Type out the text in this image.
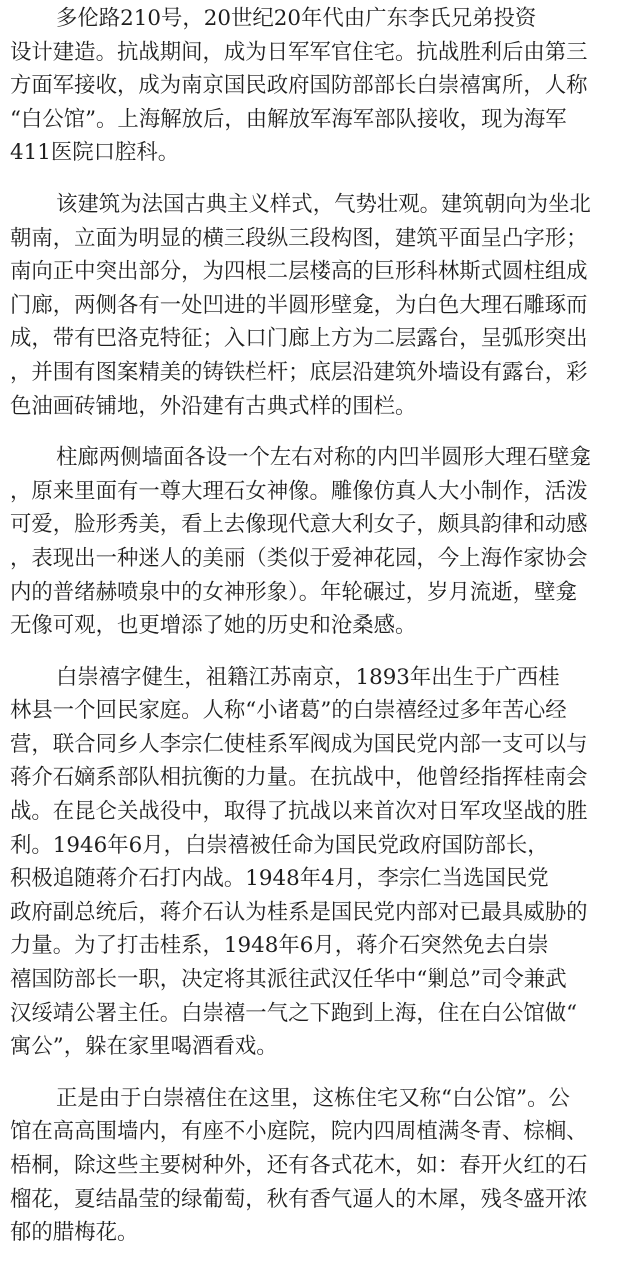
多伦路210号，20世纪20年代由广东李氏兄弟投资
设计建造。抗战期间，成为日军军官住宅。抗战胜利后由第三
方面军接收，成为南京国民政府国防部部长白崇禧寓所，人称
“白公馆”。上海解放后，由解放军海军部队接收，现为海军
411医院口腔科。
该建筑为法国古典主义样式，气势壮观。建筑朝向为坐北
朝南，立面为明显的横三段纵三段构图，建筑平面呈凸字形；
南向正中突出部分，为四根二层楼高的巨形科林斯式圆柱组成
门廊，两侧各有一处凹进的半圆形壁龛，为白色大理石雕琢而
成，带有巴洛克特征；入口门廊上方为二层露台，呈弧形突出
，并围有图案精美的铸铁栏杆；底层沿建筑外墙设有露台，彩
色油画砖铺地，外沿建有古典式样的围栏。
柱廊两侧墙面各设一个左右对称的内凹半圆形大理石壁龛
，原来里面有一尊大理石女神像。雕像仿真人大小制作，活泼
可爱，脸形秀美，看上去像现代意大利女子，颇具韵律和动感
，表现出一种迷人的美丽（类似于爱神花园，今上海作家协会
内的普绪赫喷泉中的女神形象）。年轮碾过，岁月流逝，壁龛
无像可观，也更增添了她的历史和沧桑感。
白崇禧字健生，祖籍江苏南京，1893年出生于广西桂
林县一个回民家庭。人称“小诸葛”的白崇禧经过多年苦心经
营，联合同乡人李宗仁使桂系军阀成为国民党内部一支可以与
蒋介石嫡系部队相抗衡的力量。在抗战中，他曾经指挥桂南会
战。在昆仑关战役中，取得了抗战以来首次对日军攻坚战的胜
利。1946年6月，白崇禧被任命为国民党政府国防部长，
积极追随蒋介石打内战。1948年4月，李宗仁当选国民党
政府副总统后，蒋介石认为桂系是国民党内部对已最具威胁的
力量。为了打击桂系，1948年6月，蒋介石突然免去白崇
禧国防部长一职，决定将其派往武汉任华中“剿总”司令兼武
汉绥靖公署主任。白崇禧一气之下跑到上海，住在白公馆做“
寓公”，躲在家里喝酒看戏。
正是由于白崇禧住在这里，这栋住宅又称“白公馆”。公
馆在高高围墙内，有座不小庭院，院内四周植满冬青、棕榈、
梧桐，除这些主要树种外，还有各式花木，如：春开火红的石
榴花，夏结晶莹的绿葡萄，秋有香气逼人的木犀，残冬盛开浓
郁的腊梅花。
